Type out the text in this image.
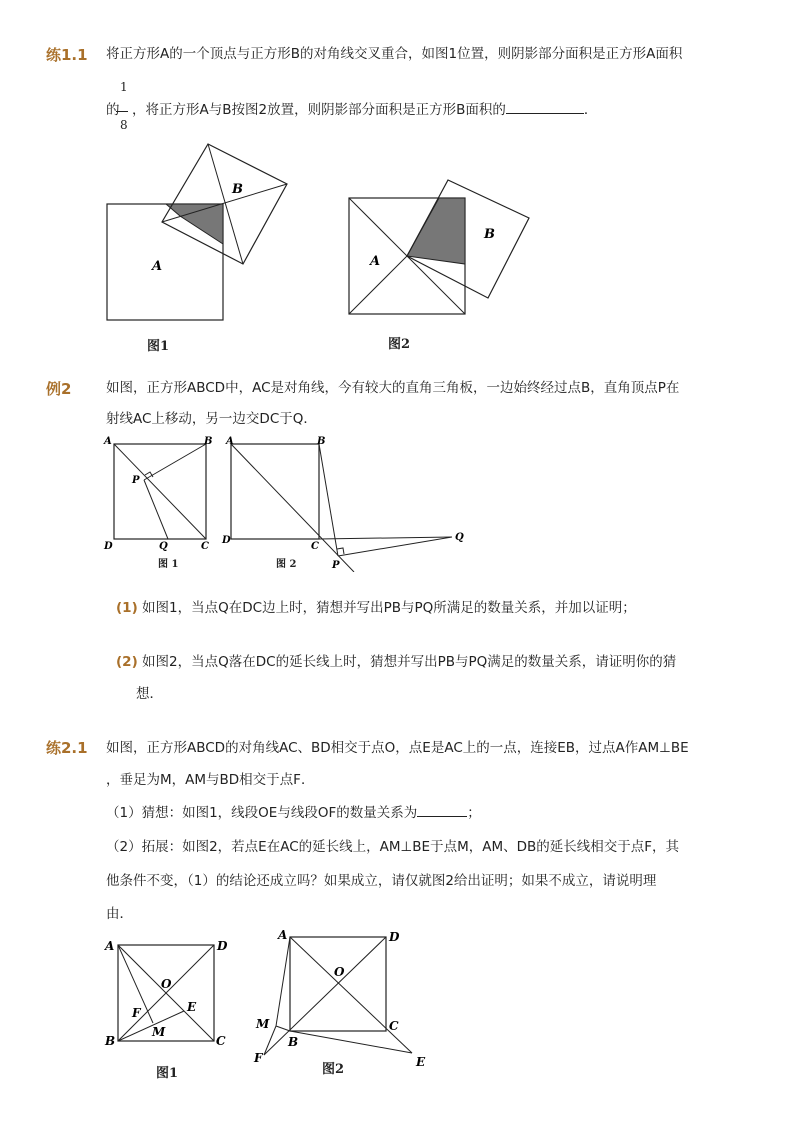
练1.1 将正方形A的一个顶点与正方形B的对角线交叉重合，如图1位置，则阴影部分面积是正方形A面积
1
8
的 ，将正方形A与B按图2放置，则阴影部分面积是正方形B面积的	．
B
A	A
B
图1	图2
例2	如图，正方形ABCD中，AC是对角线，今有较大的直角三角板，一边始终经过点B，直角顶点P在
射线AC上移动，另一边交DC于Q．
A	B
P
D	Q	C
A	B
D
C
P
Q
图 1	图 2
(1) 如图1，当点Q在DC边上时，猜想并写出PB与PQ所满足的数量关系，并加以证明；
(2) 如图2，当点Q落在DC的延长线上时，猜想并写出PB与PQ满足的数量关系，请证明你的猜
想．
练2.1 如图，正方形ABCD的对角线AC、BD相交于点O，点E是AC上的一点，连接EB，过点A作AM⊥BE
，垂足为M，AM与BD相交于点F．
（1）猜想：如图1，线段OE与线段OF的数量关系为	；
（2）拓展：如图2，若点E在AC的延长线上，AM⊥BE于点M，AM、DB的延长线相交于点F，其
他条件不变，（1）的结论还成立吗？如果成立，请仅就图2给出证明；如果不成立，请说明理
由．
A	D
O
E
F
M
B	C
A	D
O
C
M
B
F	E
图1	图2
